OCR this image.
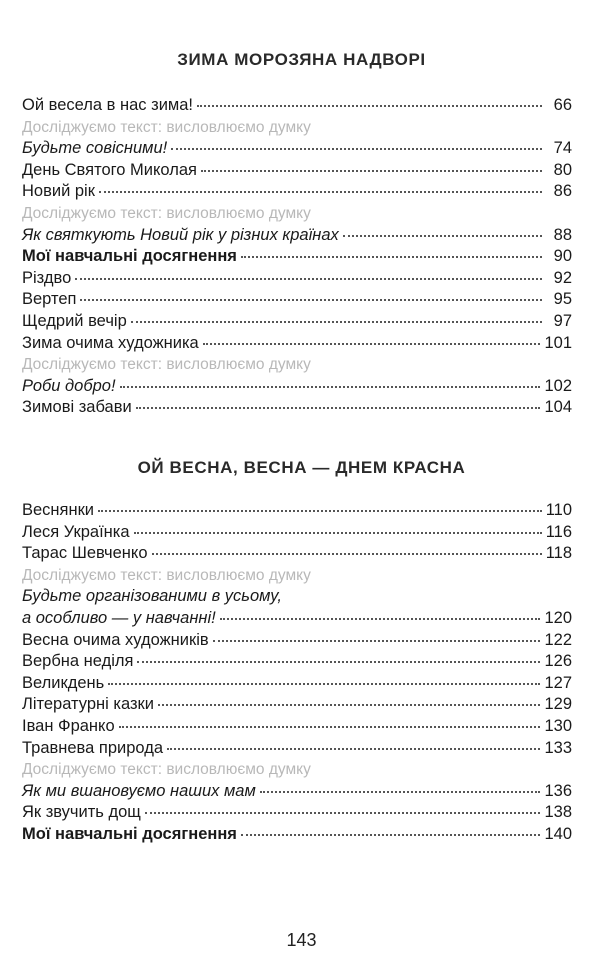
ЗИМА МОРОЗЯНА НАДВОРІ
Ой весела в нас зима!	66
Досліджуємо текст: висловлюємо думку
Будьте совісними!	74
День Святого Миколая	80
Новий рік	86
Досліджуємо текст: висловлюємо думку
Як святкують Новий рік у різних країнах	88
Мої навчальні досягнення	90
Різдво	92
Вертеп	95
Щедрий вечір	97
Зима очима художника	101
Досліджуємо текст: висловлюємо думку
Роби добро!	102
Зимові забави	104
ОЙ ВЕСНА, ВЕСНА — ДНЕМ КРАСНА
Веснянки	110
Леся Українка	116
Тарас Шевченко	118
Досліджуємо текст: висловлюємо думку
Будьте організованими в усьому,
а особливо — у навчанні!	120
Весна очима художників	122
Вербна неділя	126
Великдень	127
Літературні казки	129
Іван Франко	130
Травнева природа	133
Досліджуємо текст: висловлюємо думку
Як ми вшановуємо наших мам	136
Як звучить дощ	138
Мої навчальні досягнення	140
143
